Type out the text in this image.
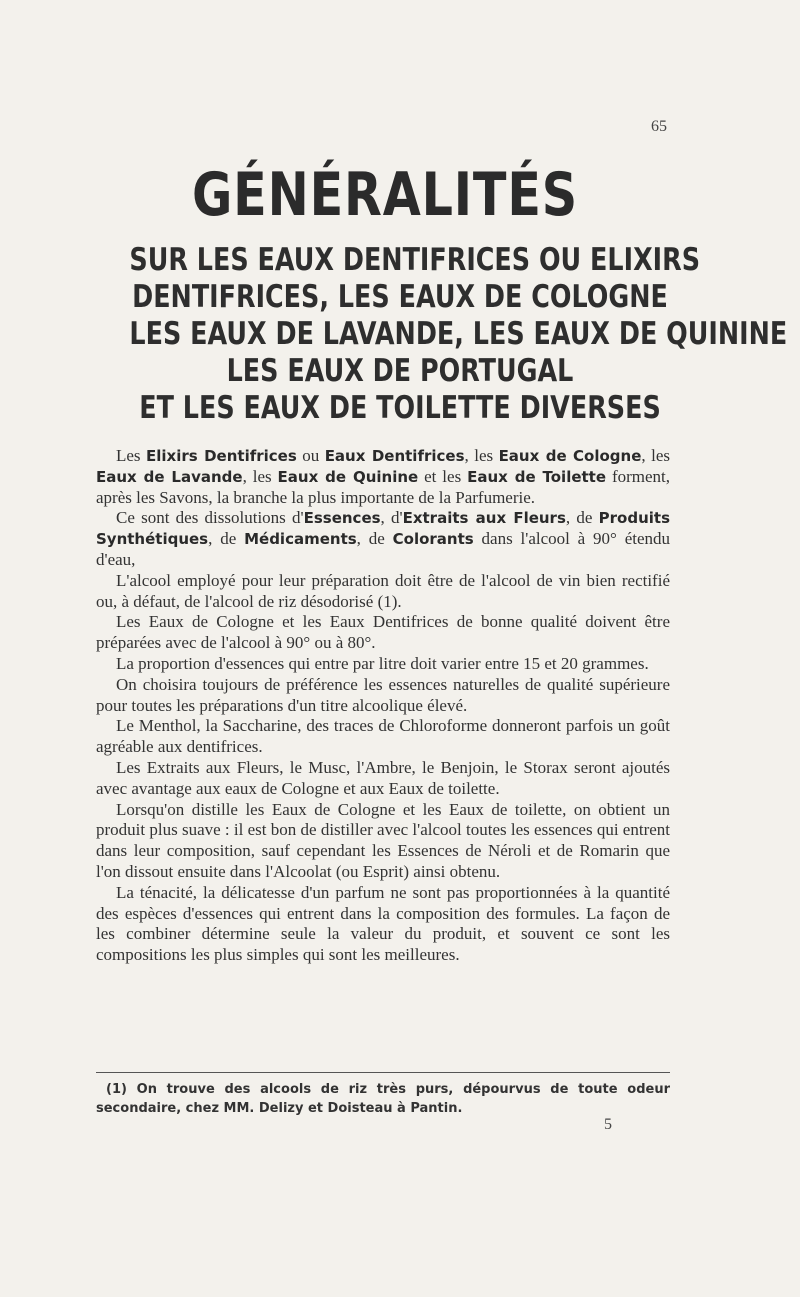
65
GÉNÉRALITÉS
SUR LES EAUX DENTIFRICES OU ELIXIRS
DENTIFRICES, LES EAUX DE COLOGNE
LES EAUX DE LAVANDE, LES EAUX DE QUININE
LES EAUX DE PORTUGAL
ET LES EAUX DE TOILETTE DIVERSES

Les Elixirs Dentifrices ou Eaux Dentifrices, les Eaux de Cologne, les Eaux de Lavande, les Eaux de Quinine et les Eaux de Toilette forment, après les Savons, la branche la plus importante de la Parfumerie.

Ce sont des dissolutions d'Essences, d'Extraits aux Fleurs, de Produits Synthétiques, de Médicaments, de Colorants dans l'alcool à 90° étendu d'eau,

L'alcool employé pour leur préparation doit être de l'alcool de vin bien rectifié ou, à défaut, de l'alcool de riz désodorisé (1).

Les Eaux de Cologne et les Eaux Dentifrices de bonne qualité doivent être préparées avec de l'alcool à 90° ou à 80°.

La proportion d'essences qui entre par litre doit varier entre 15 et 20 grammes.

On choisira toujours de préférence les essences naturelles de qualité supérieure pour toutes les préparations d'un titre alcoolique élevé.

Le Menthol, la Saccharine, des traces de Chloroforme donneront parfois un goût agréable aux dentifrices.

Les Extraits aux Fleurs, le Musc, l'Ambre, le Benjoin, le Storax seront ajoutés avec avantage aux eaux de Cologne et aux Eaux de toilette.

Lorsqu'on distille les Eaux de Cologne et les Eaux de toilette, on obtient un produit plus suave : il est bon de distiller avec l'alcool toutes les essences qui entrent dans leur composition, sauf cependant les Essences de Néroli et de Romarin que l'on dissout ensuite dans l'Alcoolat (ou Esprit) ainsi obtenu.

La ténacité, la délicatesse d'un parfum ne sont pas proportionnées à la quantité des espèces d'essences qui entrent dans la composition des formules. La façon de les combiner détermine seule la valeur du produit, et souvent ce sont les compositions les plus simples qui sont les meilleures.

(1) On trouve des alcools de riz très purs, dépourvus de toute odeur secondaire, chez MM. Delizy et Doisteau à Pantin.
5
